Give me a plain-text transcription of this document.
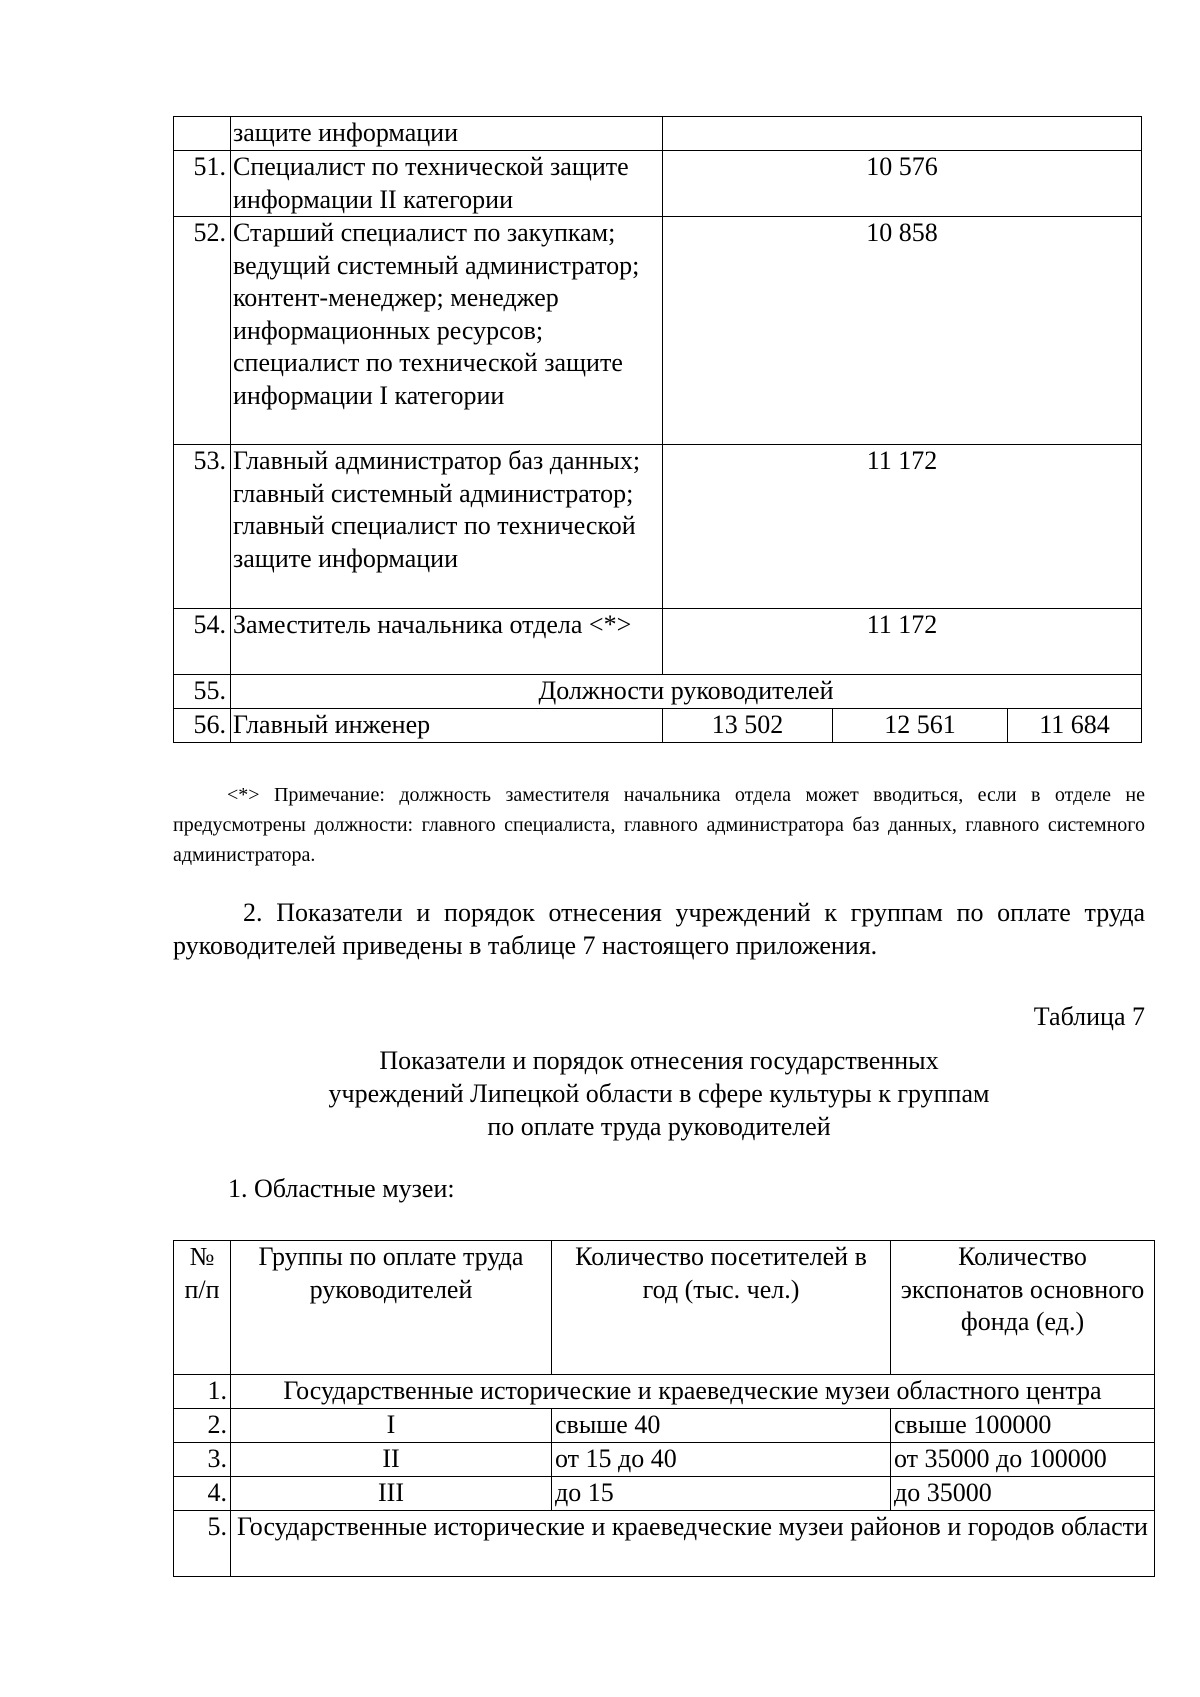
	защите информации			
51.	Специалист по технической защите информации II категории	10 576		
52.	Старший специалист по закупкам; ведущий системный администратор; контент-менеджер; менеджер информационных ресурсов; специалист по технической защите информации I категории	10 858		
53.	Главный администратор баз данных; главный системный администратор; главный специалист по технической защите информации	11 172		
54.	Заместитель начальника отдела <*>	11 172		
55.	Должности руководителей			
56.	Главный инженер	13 502	12 561	11 684

<*> Примечание: должность заместителя начальника отдела может вводиться, если в отделе не предусмотрены должности: главного специалиста, главного администратора баз данных, главного системного администратора.

2. Показатели и порядок отнесения учреждений к группам по оплате труда руководителей приведены в таблице 7 настоящего приложения.

Таблица 7

Показатели и порядок отнесения государственных
учреждений Липецкой области в сфере культуры к группам
по оплате труда руководителей

1. Областные музеи:

№ п/п	Группы по оплате труда руководителей	Количество посетителей в год (тыс. чел.)	Количество экспонатов основного фонда (ед.)
1.	Государственные исторические и краеведческие музеи областного центра		
2.	I	свыше 40	свыше 100000
3.	II	от 15 до 40	от 35000 до 100000
4.	III	до 15	до 35000
5.	Государственные исторические и краеведческие музеи районов и городов области		
